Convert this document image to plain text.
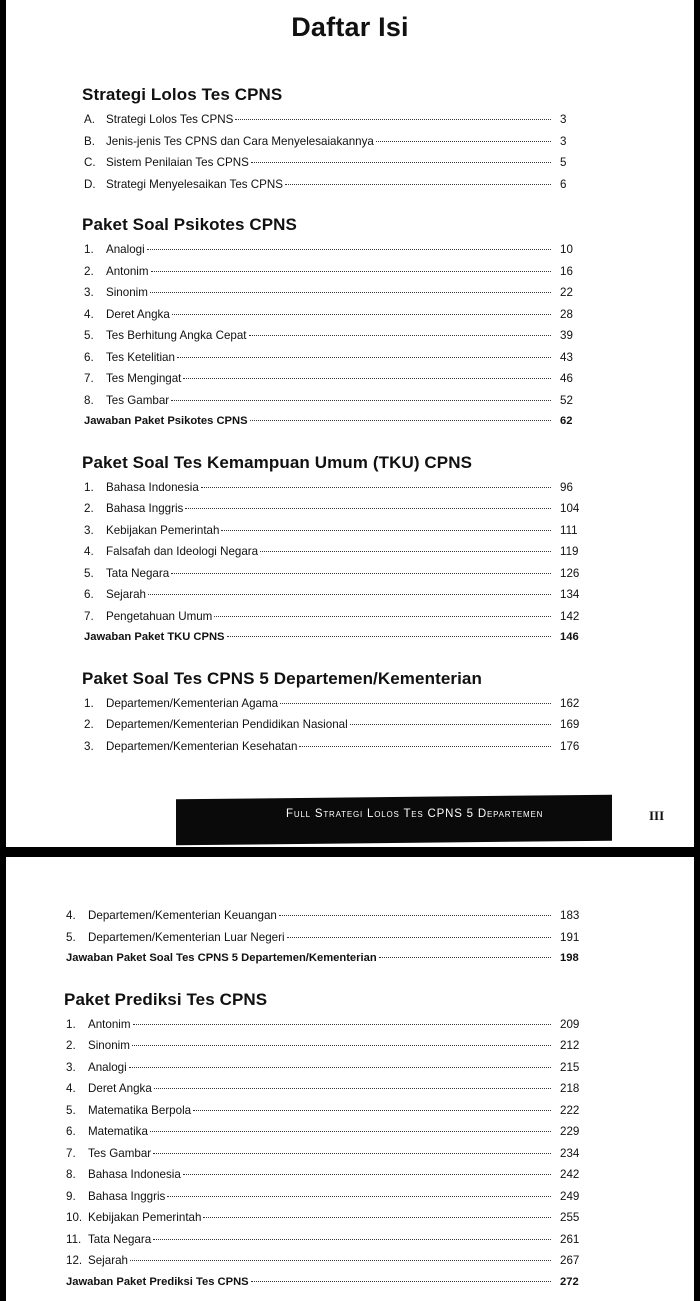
Daftar Isi
Strategi Lolos Tes CPNS
A. Strategi Lolos Tes CPNS	3
B. Jenis-jenis Tes CPNS dan Cara Menyelesaiakannya	3
C. Sistem Penilaian Tes CPNS	5
D. Strategi Menyelesaikan Tes CPNS	6
Paket Soal Psikotes CPNS
1.	Analogi	10
2.	Antonim	16
3.	Sinonim	22
4.	Deret Angka	28
5.	Tes Berhitung Angka Cepat	39
6.	Tes Ketelitian	43
7.	Tes Mengingat	46
8.	Tes Gambar	52
Jawaban Paket Psikotes CPNS	62
Paket Soal Tes Kemampuan Umum (TKU) CPNS
1.	Bahasa Indonesia	96
2.	Bahasa Inggris	104
3.	Kebijakan Pemerintah	111
4.	Falsafah dan Ideologi Negara	119
5.	Tata Negara	126
6.	Sejarah	134
7.	Pengetahuan Umum	142
Jawaban Paket TKU CPNS	146
Paket Soal Tes CPNS 5 Departemen/Kementerian
1.	Departemen/Kementerian Agama	162
2.	Departemen/Kementerian Pendidikan Nasional	169
3.	Departemen/Kementerian Kesehatan	176
Full Strategi Lolos Tes CPNS 5 Departemen	III
4.	Departemen/Kementerian Keuangan	183
5.	Departemen/Kementerian Luar Negeri	191
Jawaban Paket Soal Tes CPNS 5 Departemen/Kementerian	198
Paket Prediksi Tes CPNS
1.	Antonim	209
2.	Sinonim	212
3.	Analogi	215
4.	Deret Angka	218
5.	Matematika Berpola	222
6.	Matematika	229
7.	Tes Gambar	234
8.	Bahasa Indonesia	242
9.	Bahasa Inggris	249
10. Kebijakan Pemerintah	255
11. Tata Negara	261
12. Sejarah	267
Jawaban Paket Prediksi Tes CPNS	272
